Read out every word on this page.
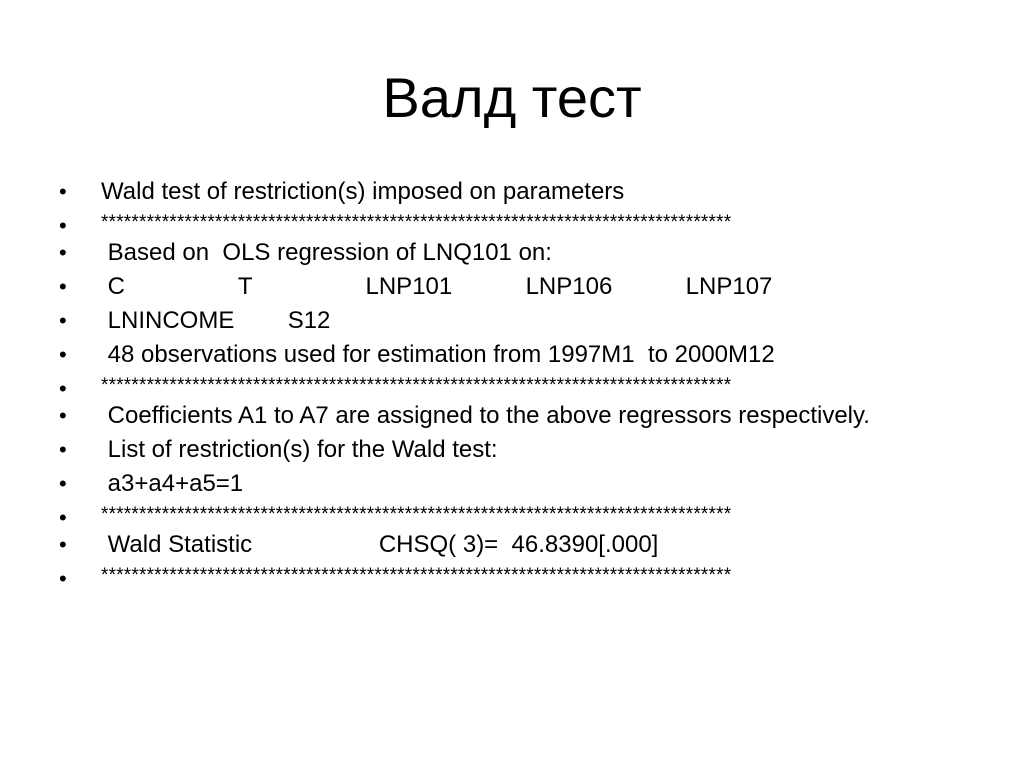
Валд тест
• Wald test of restriction(s) imposed on parameters
• ***********************************************************************************
• Based on  OLS regression of LNQ101 on:
• C                 T                 LNP101           LNP106           LNP107
• LNINCOME        S12
• 48 observations used for estimation from 1997M1  to 2000M12
• ***********************************************************************************
• Coefficients A1 to A7 are assigned to the above regressors respectively.
• List of restriction(s) for the Wald test:
• a3+a4+a5=1
• ***********************************************************************************
• Wald Statistic                   CHSQ( 3)=  46.8390[.000]
• ***********************************************************************************
